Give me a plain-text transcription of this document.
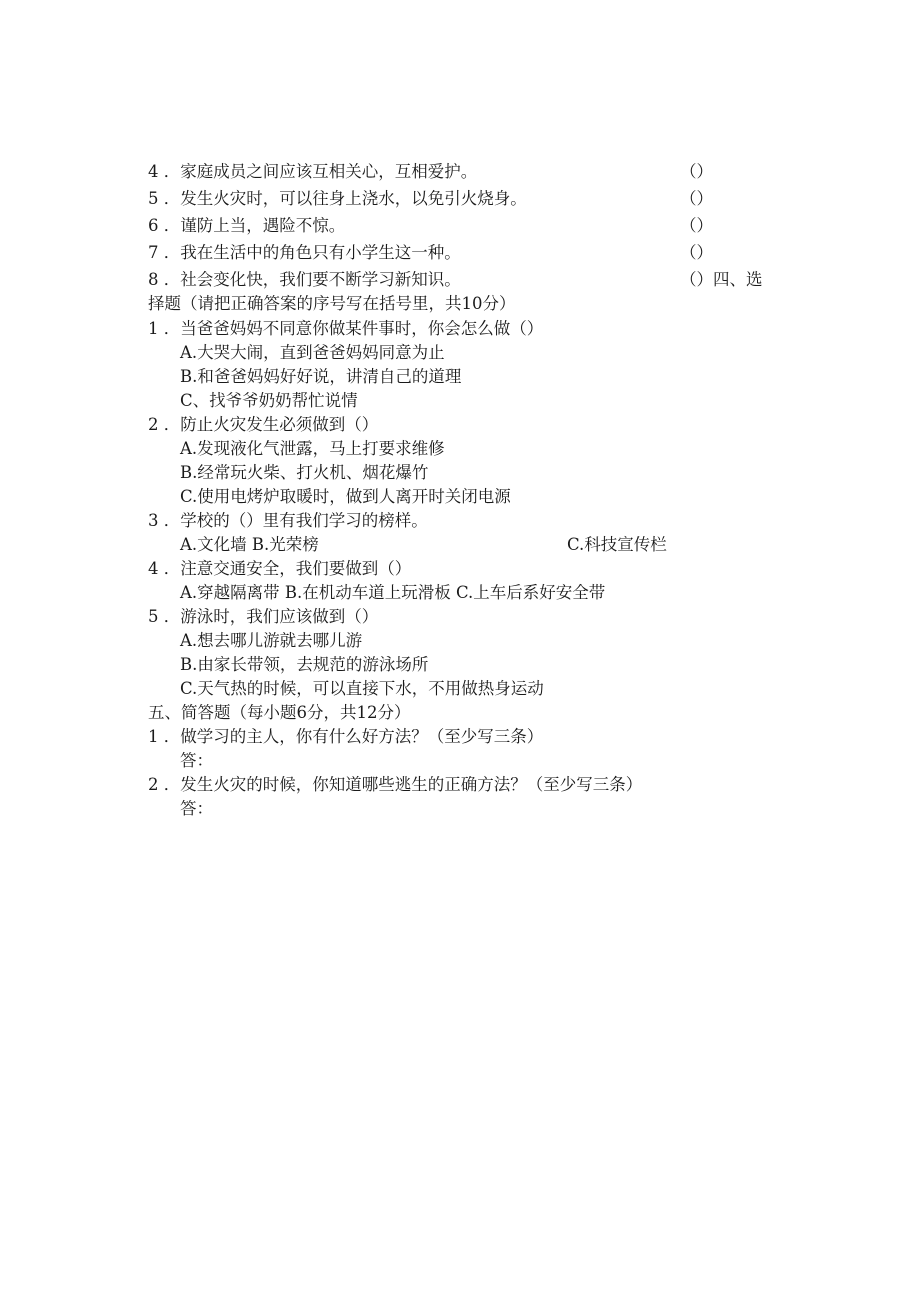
4 ．家庭成员之间应该互相关心，互相爱护。	（）
5 ．发生火灾时，可以往身上浇水，以免引火烧身。	（）
6 ．谨防上当，遇险不惊。	（）
7 ．我在生活中的角色只有小学生这一种。	（）
8 ．社会变化快，我们要不断学习新知识。	（）四、选
择题（请把正确答案的序号写在括号里，共10分）
1 ．当爸爸妈妈不同意你做某件事时，你会怎么做（）
A.大哭大闹，直到爸爸妈妈同意为止
B.和爸爸妈妈好好说，讲清自己的道理
C、找爷爷奶奶帮忙说情
2 ．防止火灾发生必须做到（）
A.发现液化气泄露，马上打要求维修
B.经常玩火柴、打火机、烟花爆竹
C.使用电烤炉取暖时，做到人离开时关闭电源
3 ．学校的（）里有我们学习的榜样。
A.文化墙 B.光荣榜	C.科技宣传栏
4 ．注意交通安全，我们要做到（）
A.穿越隔离带 B.在机动车道上玩滑板 C.上车后系好安全带
5 ．游泳时，我们应该做到（）
A.想去哪儿游就去哪儿游
B.由家长带领，去规范的游泳场所
C.天气热的时候，可以直接下水，不用做热身运动
五、简答题（每小题6分，共12分）
1 ．做学习的主人，你有什么好方法？（至少写三条）
答：
2 ．发生火灾的时候，你知道哪些逃生的正确方法？（至少写三条）
答：
